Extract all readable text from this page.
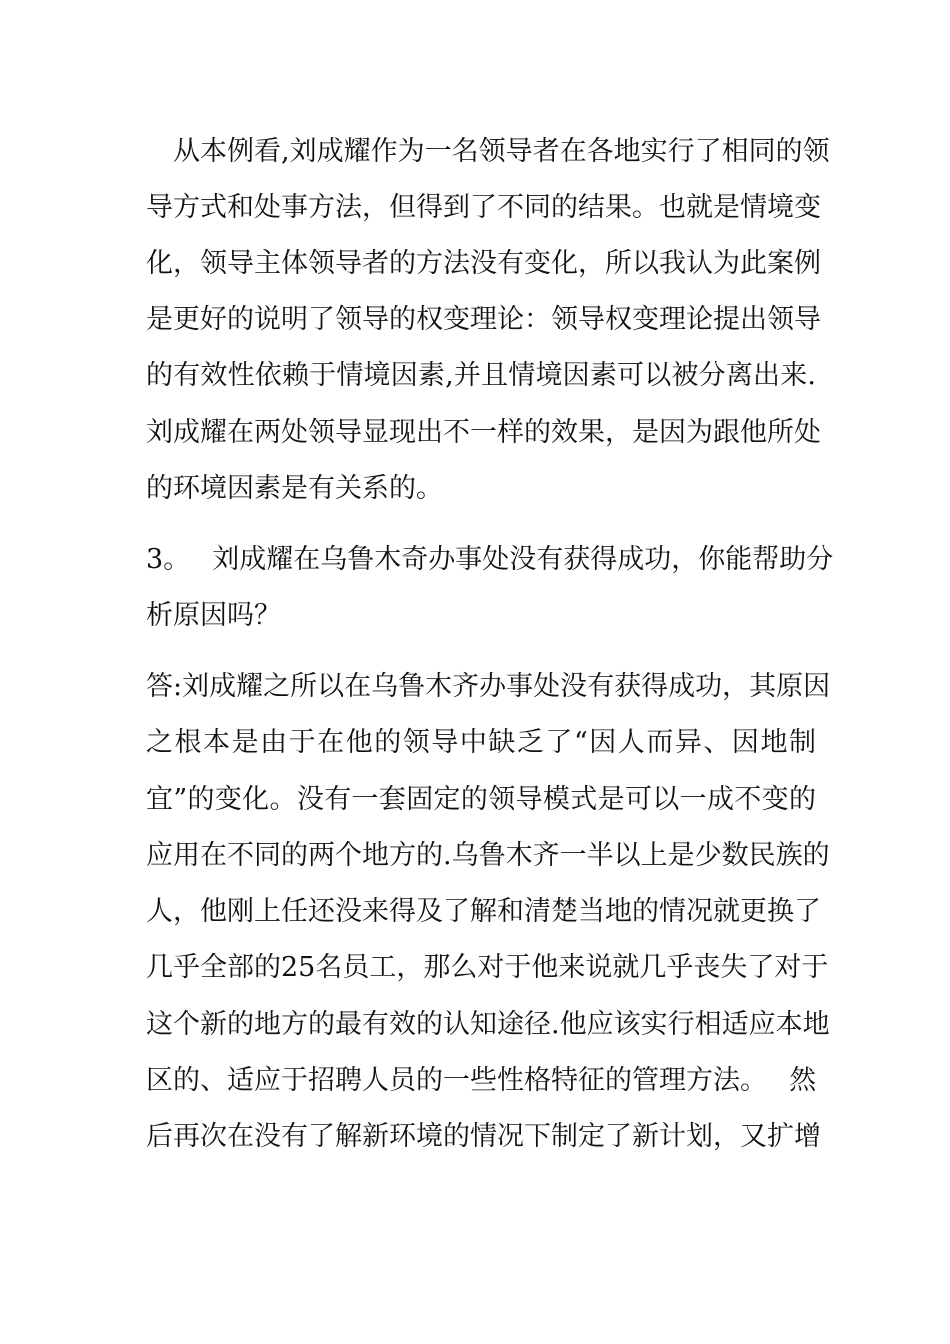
　从本例看,刘成耀作为一名领导者在各地实行了相同的领
导方式和处事方法，但得到了不同的结果。也就是情境变
化，领导主体领导者的方法没有变化，所以我认为此案例
是更好的说明了领导的权变理论：领导权变理论提出领导
的有效性依赖于情境因素,并且情境因素可以被分离出来.
刘成耀在两处领导显现出不一样的效果，是因为跟他所处
的环境因素是有关系的。
3。　 刘成耀在乌鲁木奇办事处没有获得成功，你能帮助分
析原因吗？
答:刘成耀之所以在乌鲁木齐办事处没有获得成功，其原因
之根本是由于在他的领导中缺乏了“因人而异、因地制
宜”的变化。没有一套固定的领导模式是可以一成不变的
应用在不同的两个地方的.乌鲁木齐一半以上是少数民族的
人，他刚上任还没来得及了解和清楚当地的情况就更换了
几乎全部的25名员工，那么对于他来说就几乎丧失了对于
这个新的地方的最有效的认知途径.他应该实行相适应本地
区的、适应于招聘人员的一些性格特征的管理方法。　 然
后再次在没有了解新环境的情况下制定了新计划，又扩增
